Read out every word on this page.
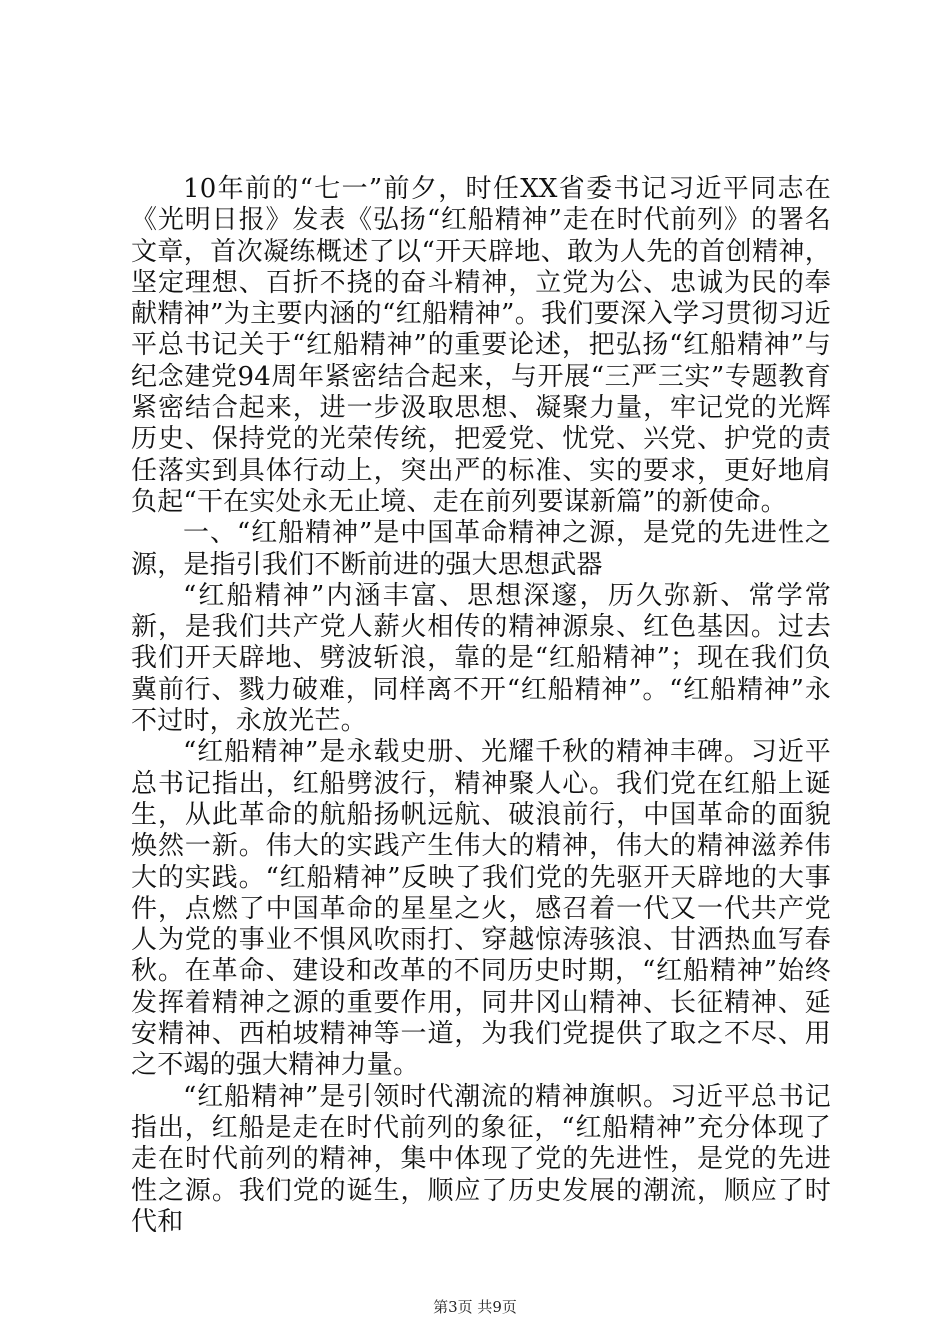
10年前的“七一”前夕，时任XX省委书记习近平同志在《光明日报》发表《弘扬“红船精神”走在时代前列》的署名文章，首次凝练概述了以“开天辟地、敢为人先的首创精神，坚定理想、百折不挠的奋斗精神，立党为公、忠诚为民的奉献精神”为主要内涵的“红船精神”。我们要深入学习贯彻习近平总书记关于“红船精神”的重要论述，把弘扬“红船精神”与纪念建党94周年紧密结合起来，与开展“三严三实”专题教育紧密结合起来，进一步汲取思想、凝聚力量，牢记党的光辉历史、保持党的光荣传统，把爱党、忧党、兴党、护党的责任落实到具体行动上，突出严的标准、实的要求，更好地肩负起“干在实处永无止境、走在前列要谋新篇”的新使命。

一、“红船精神”是中国革命精神之源，是党的先进性之源，是指引我们不断前进的强大思想武器

“红船精神”内涵丰富、思想深邃，历久弥新、常学常新，是我们共产党人薪火相传的精神源泉、红色基因。过去我们开天辟地、劈波斩浪，靠的是“红船精神”；现在我们负冀前行、戮力破难，同样离不开“红船精神”。“红船精神”永不过时，永放光芒。

“红船精神”是永载史册、光耀千秋的精神丰碑。习近平总书记指出，红船劈波行，精神聚人心。我们党在红船上诞生，从此革命的航船扬帆远航、破浪前行，中国革命的面貌焕然一新。伟大的实践产生伟大的精神，伟大的精神滋养伟大的实践。“红船精神”反映了我们党的先驱开天辟地的大事件，点燃了中国革命的星星之火，感召着一代又一代共产党人为党的事业不惧风吹雨打、穿越惊涛骇浪、甘洒热血写春秋。在革命、建设和改革的不同历史时期，“红船精神”始终发挥着精神之源的重要作用，同井冈山精神、长征精神、延安精神、西柏坡精神等一道，为我们党提供了取之不尽、用之不竭的强大精神力量。

“红船精神”是引领时代潮流的精神旗帜。习近平总书记指出，红船是走在时代前列的象征，“红船精神”充分体现了走在时代前列的精神，集中体现了党的先进性，是党的先进性之源。我们党的诞生，顺应了历史发展的潮流，顺应了时代和

第3页 共9页
